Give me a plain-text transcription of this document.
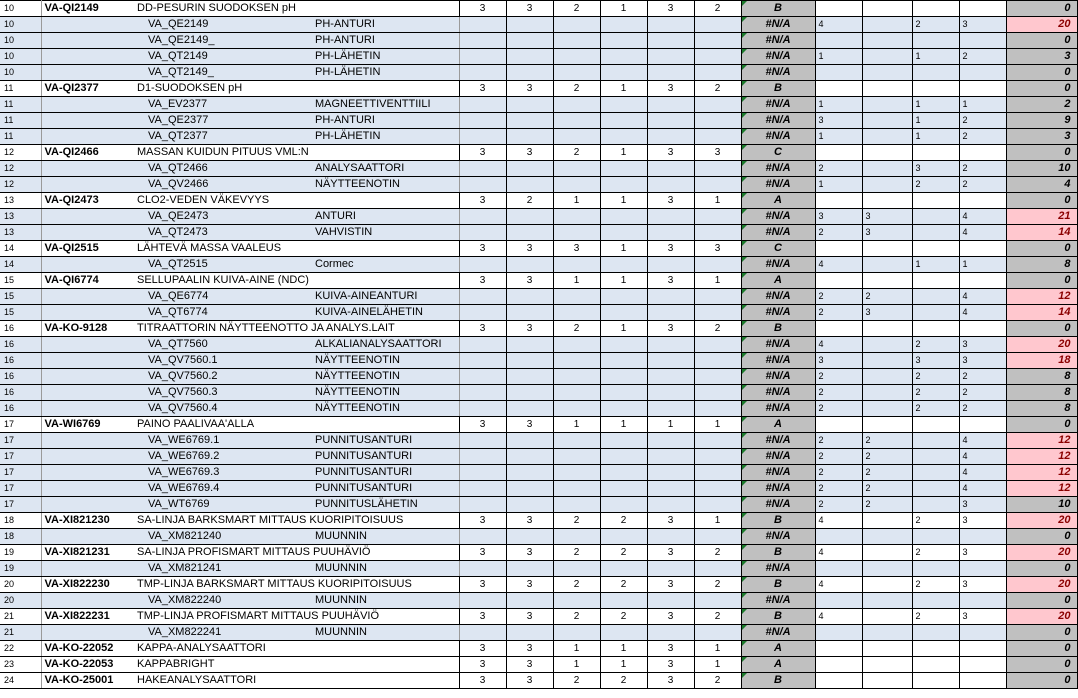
10	VA-QI2149	DD-PESURIN SUODOKSEN pH		3	3	2	1	3	2	B					0
10		VA_QE2149	PH-ANTURI							#N/A	4		2	3	20
10		VA_QE2149_	PH-ANTURI							#N/A					0
10		VA_QT2149	PH-LÄHETIN							#N/A	1		1	2	3
10		VA_QT2149_	PH-LÄHETIN							#N/A					0
11	VA-QI2377	D1-SUODOKSEN pH		3	3	2	1	3	2	B					0
11		VA_EV2377	MAGNEETTIVENTTIILI							#N/A	1		1	1	2
11		VA_QE2377	PH-ANTURI							#N/A	3		1	2	9
11		VA_QT2377	PH-LÄHETIN							#N/A	1		1	2	3
12	VA-QI2466	MASSAN KUIDUN PITUUS VML:N		3	3	2	1	3	3	C					0
12		VA_QT2466	ANALYSAATTORI							#N/A	2		3	2	10
12		VA_QV2466	NÄYTTEENOTIN							#N/A	1		2	2	4
13	VA-QI2473	CLO2-VEDEN VÄKEVYYS		3	2	1	1	3	1	A					0
13		VA_QE2473	ANTURI							#N/A	3	3		4	21
13		VA_QT2473	VAHVISTIN							#N/A	2	3		4	14
14	VA-QI2515	LÄHTEVÄ MASSA VAALEUS		3	3	3	1	3	3	C					0
14		VA_QT2515	Cormec							#N/A	4		1	1	8
15	VA-QI6774	SELLUPAALIN KUIVA-AINE (NDC)		3	3	1	1	3	1	A					0
15		VA_QE6774	KUIVA-AINEANTURI							#N/A	2	2		4	12
15		VA_QT6774	KUIVA-AINELÄHETIN							#N/A	2	3		4	14
16	VA-KO-9128	TITRAATTORIN NÄYTTEENOTTO JA ANALYS.LAIT		3	3	2	1	3	2	B					0
16		VA_QT7560	ALKALIANALYSAATTORI							#N/A	4		2	3	20
16		VA_QV7560.1	NÄYTTEENOTIN							#N/A	3		3	3	18
16		VA_QV7560.2	NÄYTTEENOTIN							#N/A	2		2	2	8
16		VA_QV7560.3	NÄYTTEENOTIN							#N/A	2		2	2	8
16		VA_QV7560.4	NÄYTTEENOTIN							#N/A	2		2	2	8
17	VA-WI6769	PAINO PAALIVAA'ALLA		3	3	1	1	1	1	A					0
17		VA_WE6769.1	PUNNITUSANTURI							#N/A	2	2		4	12
17		VA_WE6769.2	PUNNITUSANTURI							#N/A	2	2		4	12
17		VA_WE6769.3	PUNNITUSANTURI							#N/A	2	2		4	12
17		VA_WE6769.4	PUNNITUSANTURI							#N/A	2	2		4	12
17		VA_WT6769	PUNNITUSLÄHETIN							#N/A	2	2		3	10
18	VA-XI821230	SA-LINJA BARKSMART MITTAUS KUORIPITOISUUS		3	3	2	2	3	1	B	4		2	3	20
18		VA_XM821240	MUUNNIN							#N/A					0
19	VA-XI821231	SA-LINJA PROFISMART MITTAUS PUUHÄVIÖ		3	3	2	2	3	2	B	4		2	3	20
19		VA_XM821241	MUUNNIN							#N/A					0
20	VA-XI822230	TMP-LINJA BARKSMART MITTAUS KUORIPITOISUUS		3	3	2	2	3	2	B	4		2	3	20
20		VA_XM822240	MUUNNIN							#N/A					0
21	VA-XI822231	TMP-LINJA PROFISMART MITTAUS PUUHÄVIÖ		3	3	2	2	3	2	B	4		2	3	20
21		VA_XM822241	MUUNNIN							#N/A					0
22	VA-KO-22052	KAPPA-ANALYSAATTORI		3	3	1	1	3	1	A					0
23	VA-KO-22053	KAPPABRIGHT		3	3	1	1	3	1	A					0
24	VA-KO-25001	HAKEANALYSAATTORI		3	3	2	2	3	2	B					0
